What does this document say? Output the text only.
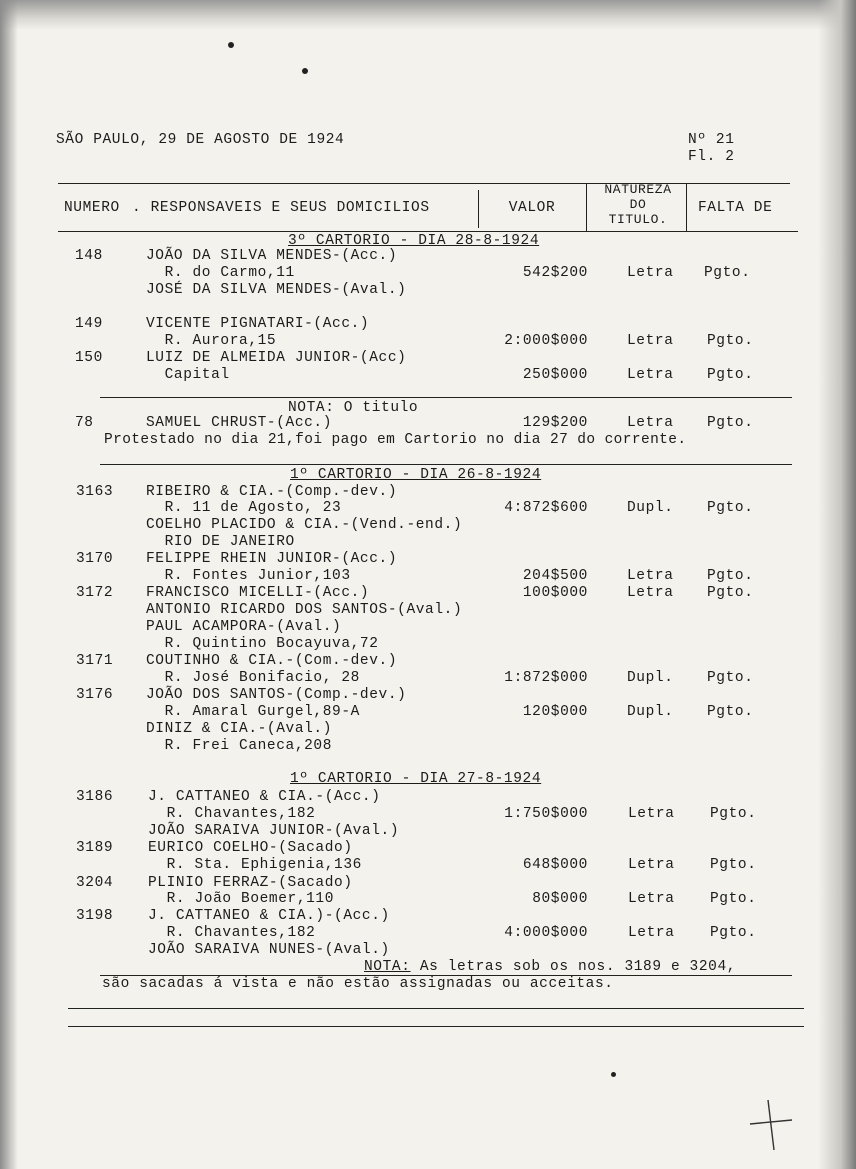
SÃO PAULO, 29 DE AGOSTO DE 1924	Nº 21
Fl. 2
NUMERO . RESPONSAVEIS E SEUS DOMICILIOS	VALOR
NATUREZA
DO
TITULO.
FALTA DE
3º CARTORIO - DIA 28-8-1924
148	JOÃO DA SILVA MENDES-(Acc.)
R. do Carmo,11	542$200	Letra Pgto.
JOSÉ DA SILVA MENDES-(Aval.)
149	VICENTE PIGNATARI-(Acc.)
R. Aurora,15	2:000$000	Letra Pgto.
150	LUIZ DE ALMEIDA JUNIOR-(Acc)
Capital	250$000	Letra Pgto.
NOTA: O titulo
78	SAMUEL CHRUST-(Acc.)	129$200	Letra Pgto.
Protestado no dia 21,foi pago em Cartorio no dia 27 do corrente.
1º CARTORIO - DIA 26-8-1924
3163 RIBEIRO & CIA.-(Comp.-dev.)
R. 11 de Agosto, 23	4:872$600	Dupl. Pgto.
COELHO PLACIDO & CIA.-(Vend.-end.)
RIO DE JANEIRO
3170 FELIPPE RHEIN JUNIOR-(Acc.)
R. Fontes Junior,103	204$500	Letra Pgto.
3172 FRANCISCO MICELLI-(Acc.)	100$000	Letra Pgto.
ANTONIO RICARDO DOS SANTOS-(Aval.)
PAUL ACAMPORA-(Aval.)
R. Quintino Bocayuva,72
3171 COUTINHO & CIA.-(Com.-dev.)
R. José Bonifacio, 28	1:872$000	Dupl. Pgto.
3176 JOÃO DOS SANTOS-(Comp.-dev.)
R. Amaral Gurgel,89-A	120$000	Dupl. Pgto.
DINIZ & CIA.-(Aval.)
R. Frei Caneca,208
1º CARTORIO - DIA 27-8-1924
3186 J. CATTANEO & CIA.-(Acc.)
R. Chavantes,182	1:750$000	Letra Pgto.
JOÃO SARAIVA JUNIOR-(Aval.)
3189 EURICO COELHO-(Sacado)
R. Sta. Ephigenia,136	648$000	Letra Pgto.
3204 PLINIO FERRAZ-(Sacado)
R. João Boemer,110	80$000	Letra Pgto.
3198 J. CATTANEO & CIA.)-(Acc.)
R. Chavantes,182	4:000$000	Letra Pgto.
JOÃO SARAIVA NUNES-(Aval.)
NOTA: As letras sob os nos. 3189 e 3204,
são sacadas á vista e não estão assignadas ou acceitas.
